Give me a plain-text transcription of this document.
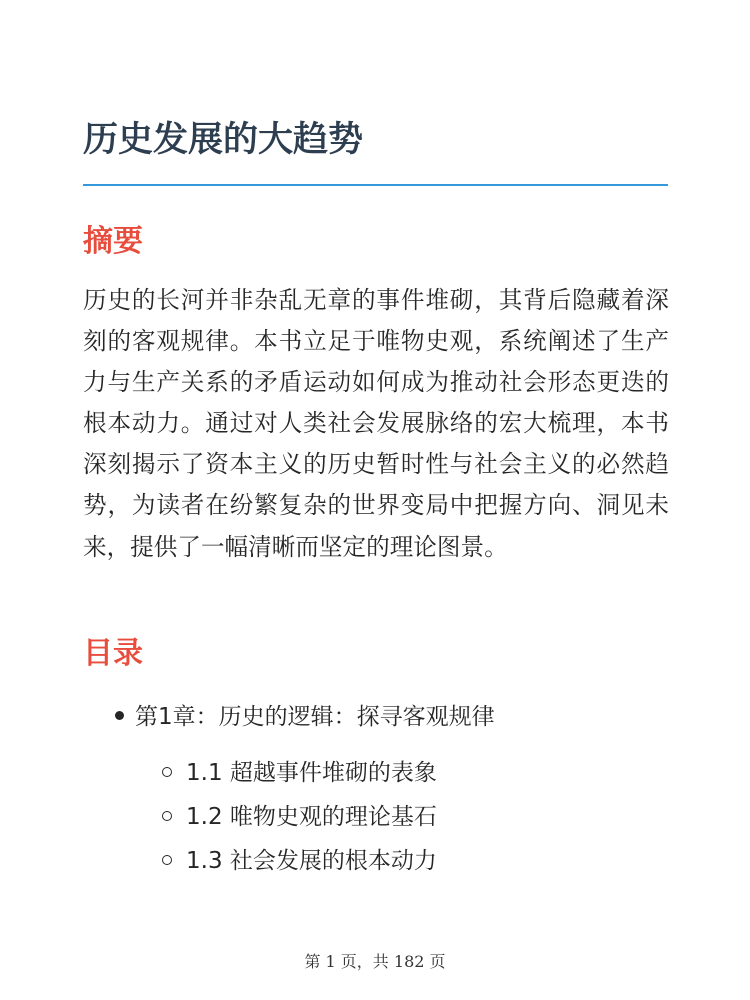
历史发展的大趋势
摘要

历史的长河并非杂乱无章的事件堆砌，其背后隐藏着深刻的客观规律。本书立足于唯物史观，系统阐述了生产力与生产关系的矛盾运动如何成为推动社会形态更迭的根本动力。通过对人类社会发展脉络的宏大梳理，本书深刻揭示了资本主义的历史暂时性与社会主义的必然趋势，为读者在纷繁复杂的世界变局中把握方向、洞见未来，提供了一幅清晰而坚定的理论图景。

目录
第1章：历史的逻辑：探寻客观规律
1.1 超越事件堆砌的表象
1.2 唯物史观的理论基石
1.3 社会发展的根本动力
第 1 页，共 182 页
